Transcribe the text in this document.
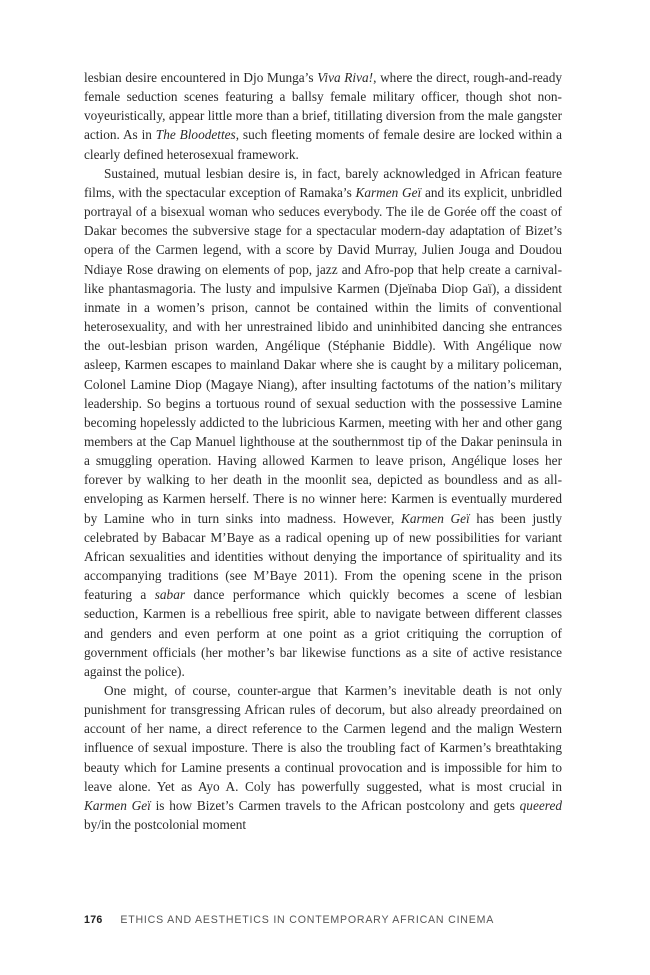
lesbian desire encountered in Djo Munga’s Viva Riva!, where the direct, rough-and-ready female seduction scenes featuring a ballsy female military officer, though shot non-voyeuristically, appear little more than a brief, titillating diversion from the male gangster action. As in The Bloodettes, such fleeting moments of female desire are locked within a clearly defined heterosexual framework.

Sustained, mutual lesbian desire is, in fact, barely acknowledged in African feature films, with the spectacular exception of Ramaka’s Karmen Geï and its explicit, unbridled portrayal of a bisexual woman who seduces everybody. The ile de Gorée off the coast of Dakar becomes the subversive stage for a spectacular modern-day adaptation of Bizet’s opera of the Carmen legend, with a score by David Murray, Julien Jouga and Doudou Ndiaye Rose drawing on elements of pop, jazz and Afro-pop that help create a carnival-like phantasmagoria. The lusty and impulsive Karmen (Djeïnaba Diop Gaï), a dissident inmate in a women’s prison, cannot be contained within the limits of conventional heterosexuality, and with her unrestrained libido and uninhibited dancing she entrances the out-lesbian prison warden, Angélique (Stéphanie Biddle). With Angélique now asleep, Karmen escapes to mainland Dakar where she is caught by a military policeman, Colonel Lamine Diop (Magaye Niang), after insulting factotums of the nation’s military leadership. So begins a tortuous round of sexual seduction with the possessive Lamine becoming hopelessly addicted to the lubricious Karmen, meeting with her and other gang members at the Cap Manuel lighthouse at the southernmost tip of the Dakar peninsula in a smuggling operation. Having allowed Karmen to leave prison, Angélique loses her forever by walking to her death in the moonlit sea, depicted as boundless and as all-enveloping as Karmen herself. There is no winner here: Karmen is eventually murdered by Lamine who in turn sinks into madness. However, Karmen Geï has been justly celebrated by Babacar M’Baye as a radical opening up of new possibilities for variant African sexualities and identities without denying the importance of spirituality and its accompanying traditions (see M’Baye 2011). From the opening scene in the prison featuring a sabar dance performance which quickly becomes a scene of lesbian seduction, Karmen is a rebellious free spirit, able to navigate between different classes and genders and even perform at one point as a griot critiquing the corruption of government officials (her mother’s bar likewise functions as a site of active resistance against the police).

One might, of course, counter-argue that Karmen’s inevitable death is not only punishment for transgressing African rules of decorum, but also already preordained on account of her name, a direct reference to the Carmen legend and the malign Western influence of sexual imposture. There is also the troubling fact of Karmen’s breathtaking beauty which for Lamine presents a continual provocation and is impossible for him to leave alone. Yet as Ayo A. Coly has powerfully suggested, what is most crucial in Karmen Geï is how Bizet’s Carmen travels to the African postcolony and gets queered by/in the postcolonial moment

176 ETHICS AND AESTHETICS IN CONTEMPORARY AFRICAN CINEMA
